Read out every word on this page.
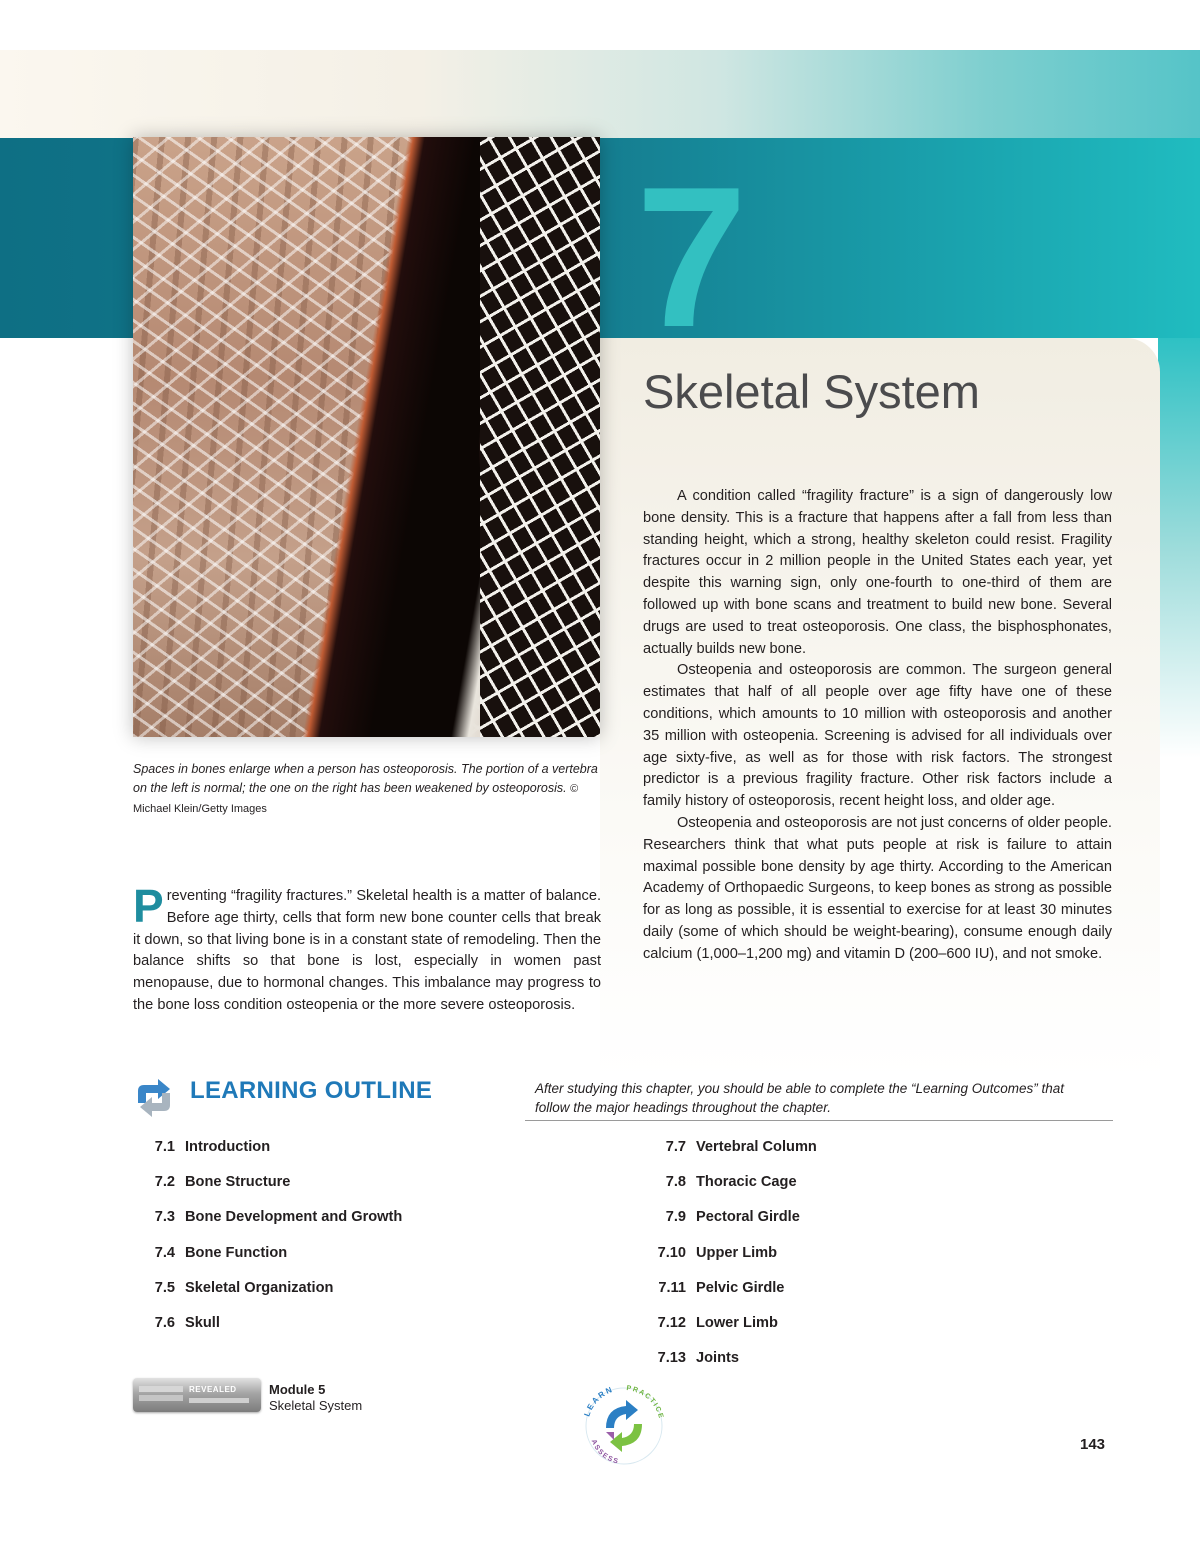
7
Skeletal System
Spaces in bones enlarge when a person has osteoporosis. The portion of a vertebra on the left is normal; the one on the right has been weakened by osteoporosis. © Michael Klein/Getty Images
Preventing “fragility fractures.” Skeletal health is a matter of balance. Before age thirty, cells that form new bone counter cells that break it down, so that living bone is in a constant state of remodeling. Then the balance shifts so that bone is lost, especially in women past menopause, due to hormonal changes. This imbalance may progress to the bone loss condition osteopenia or the more severe osteoporosis.

A condition called “fragility fracture” is a sign of dangerously low bone density. This is a fracture that happens after a fall from less than standing height, which a strong, healthy skeleton could resist. Fragility fractures occur in 2 million people in the United States each year, yet despite this warning sign, only one-fourth to one-third of them are followed up with bone scans and treatment to build new bone. Several drugs are used to treat osteoporosis. One class, the bisphosphonates, actually builds new bone.

Osteopenia and osteoporosis are common. The surgeon general estimates that half of all people over age fifty have one of these conditions, which amounts to 10 million with osteoporosis and another 35 million with osteopenia. Screening is advised for all individuals over age sixty-five, as well as for those with risk factors. The strongest predictor is a previous fragility fracture. Other risk factors include a family history of osteoporosis, recent height loss, and older age.

Osteopenia and osteoporosis are not just concerns of older people. Researchers think that what puts people at risk is failure to attain maximal possible bone density by age thirty. According to the American Academy of Orthopaedic Surgeons, to keep bones as strong as possible for as long as possible, it is essential to exercise for at least 30 minutes daily (some of which should be weight-bearing), consume enough daily calcium (1,000–1,200 mg) and vitamin D (200–600 IU), and not smoke.

LEARNING OUTLINE	After studying this chapter, you should be able to complete the “Learning Outcomes” that follow the major headings throughout the chapter.
7.1 Introduction
7.2 Bone Structure
7.3 Bone Development and Growth
7.4 Bone Function
7.5 Skeletal Organization
7.6 Skull
7.7 Vertebral Column
7.8 Thoracic Cage
7.9 Pectoral Girdle
7.10 Upper Limb
7.11 Pelvic Girdle
7.12 Lower Limb
7.13 Joints
REVEALED Module 5
Skeletal System	LEARN PRACTICE
ASSESS
143
